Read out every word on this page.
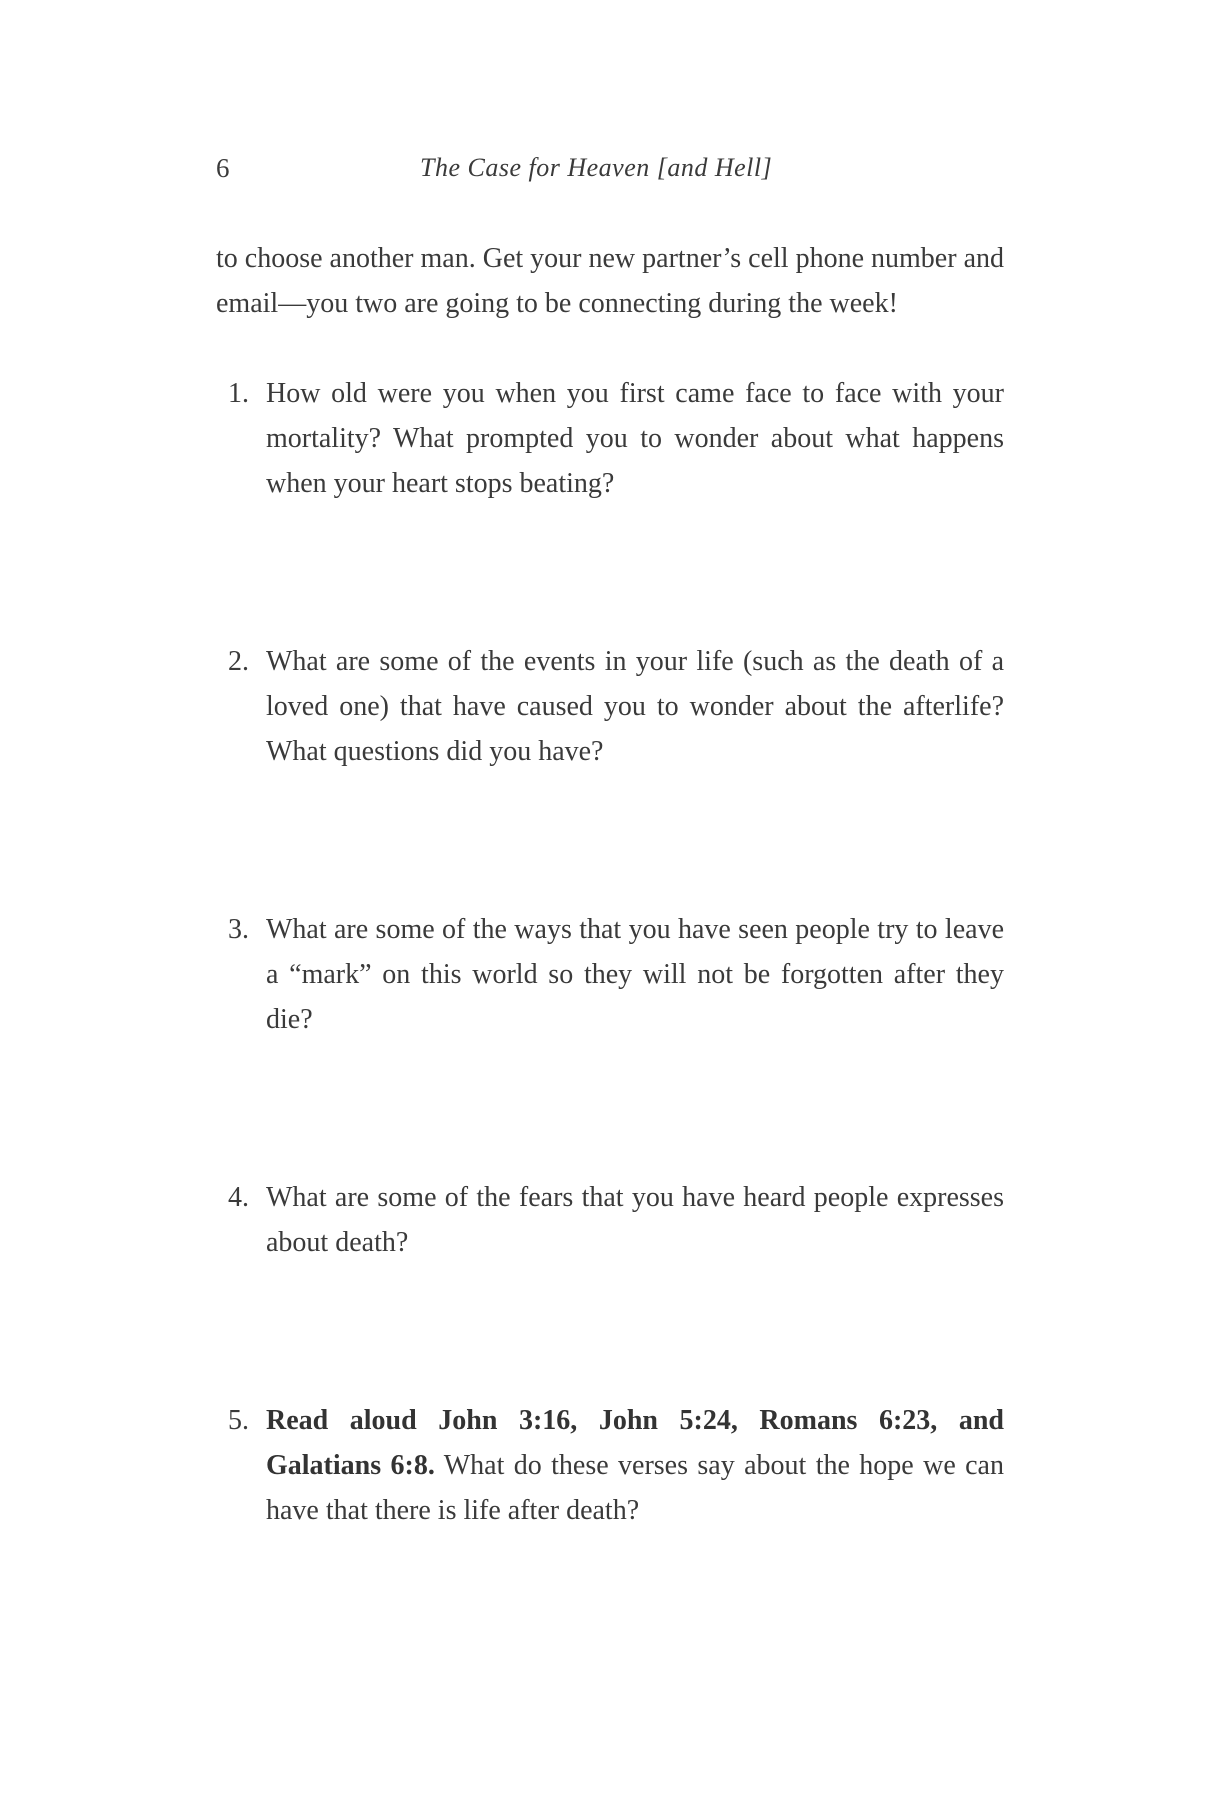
6	The Case for Heaven [and Hell]

to choose another man. Get your new partner’s cell phone number and email—you two are going to be connecting during the week!

1. How old were you when you first came face to face with your mortality? What prompted you to wonder about what happens when your heart stops beating?
2. What are some of the events in your life (such as the death of a loved one) that have caused you to wonder about the afterlife? What questions did you have?
3. What are some of the ways that you have seen people try to leave a “mark” on this world so they will not be forgotten after they die?
4. What are some of the fears that you have heard people expresses about death?
5. Read aloud John 3:16, John 5:24, Romans 6:23, and Galatians 6:8. What do these verses say about the hope we can have that there is life after death?
